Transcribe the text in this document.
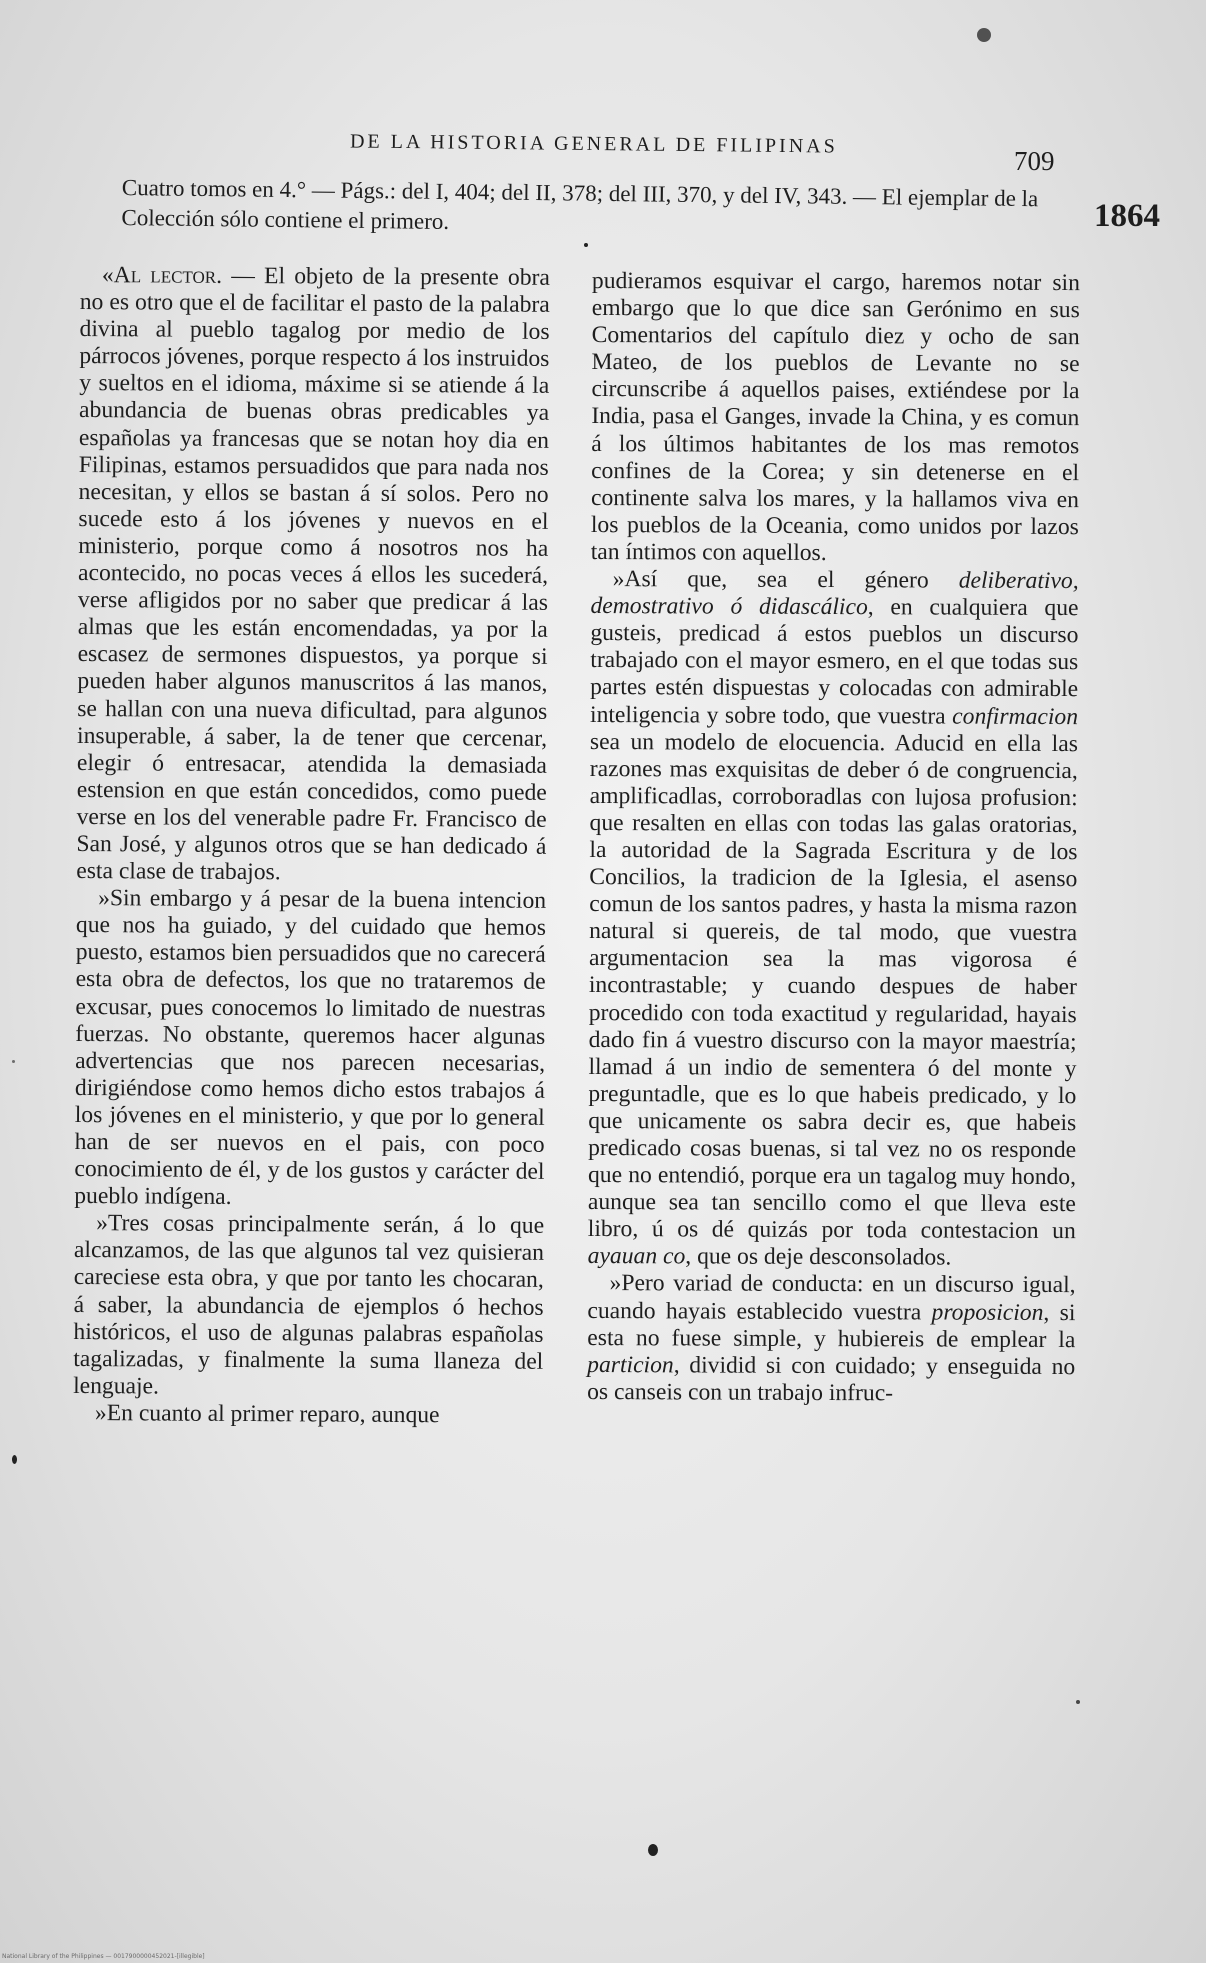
DE LA HISTORIA GENERAL DE FILIPINAS
709
1864
Cuatro tomos en 4.° — Págs.: del I, 404; del II, 378; del III, 370, y del IV, 343. — El ejemplar de la Colección sólo contiene el primero.

«Al lector. — El objeto de la presente obra no es otro que el de facilitar el pasto de la palabra divina al pueblo tagalog por medio de los párrocos jóvenes, porque respecto á los instruidos y sueltos en el idioma, máxime si se atiende á la abundancia de buenas obras predicables ya españolas ya francesas que se notan hoy dia en Filipinas, estamos persuadidos que para nada nos necesitan, y ellos se bastan á sí solos. Pero no sucede esto á los jóvenes y nuevos en el ministerio, porque como á nosotros nos ha acontecido, no pocas veces á ellos les sucederá, verse afligidos por no saber que predicar á las almas que les están encomendadas, ya por la escasez de sermones dispuestos, ya porque si pueden haber algunos manuscritos á las manos, se hallan con una nueva dificultad, para algunos insuperable, á saber, la de tener que cercenar, elegir ó entresacar, atendida la demasiada estension en que están concedidos, como puede verse en los del venerable padre Fr. Francisco de San José, y algunos otros que se han dedicado á esta clase de trabajos.

»Sin embargo y á pesar de la buena intencion que nos ha guiado, y del cuidado que hemos puesto, estamos bien persuadidos que no carecerá esta obra de defectos, los que no trataremos de excusar, pues conocemos lo limitado de nuestras fuerzas. No obstante, queremos hacer algunas advertencias que nos parecen necesarias, dirigiéndose como hemos dicho estos trabajos á los jóvenes en el ministerio, y que por lo general han de ser nuevos en el pais, con poco conocimiento de él, y de los gustos y carácter del pueblo indígena.

»Tres cosas principalmente serán, á lo que alcanzamos, de las que algunos tal vez quisieran careciese esta obra, y que por tanto les chocaran, á saber, la abundancia de ejemplos ó hechos históricos, el uso de algunas palabras españolas tagalizadas, y finalmente la suma llaneza del lenguaje.

»En cuanto al primer reparo, aunque

pudieramos esquivar el cargo, haremos notar sin embargo que lo que dice san Gerónimo en sus Comentarios del capítulo diez y ocho de san Mateo, de los pueblos de Levante no se circunscribe á aquellos paises, extiéndese por la India, pasa el Ganges, invade la China, y es comun á los últimos habitantes de los mas remotos confines de la Corea; y sin detenerse en el continente salva los mares, y la hallamos viva en los pueblos de la Oceania, como unidos por lazos tan íntimos con aquellos.

»Así que, sea el género deliberativo, demostrativo ó didascálico, en cualquiera que gusteis, predicad á estos pueblos un discurso trabajado con el mayor esmero, en el que todas sus partes estén dispuestas y colocadas con admirable inteligencia y sobre todo, que vuestra confirmacion sea un modelo de elocuencia. Aducid en ella las razones mas exquisitas de deber ó de congruencia, amplificadlas, corroboradlas con lujosa profusion: que resalten en ellas con todas las galas oratorias, la autoridad de la Sagrada Escritura y de los Concilios, la tradicion de la Iglesia, el asenso comun de los santos padres, y hasta la misma razon natural si quereis, de tal modo, que vuestra argumentacion sea la mas vigorosa é incontrastable; y cuando despues de haber procedido con toda exactitud y regularidad, hayais dado fin á vuestro discurso con la mayor maestría; llamad á un indio de sementera ó del monte y preguntadle, que es lo que habeis predicado, y lo que unicamente os sabra decir es, que habeis predicado cosas buenas, si tal vez no os responde que no entendió, porque era un tagalog muy hondo, aunque sea tan sencillo como el que lleva este libro, ú os dé quizás por toda contestacion un ayauan co, que os deje desconsolados.

»Pero variad de conducta: en un discurso igual, cuando hayais establecido vuestra proposicion, si esta no fuese simple, y hubiereis de emplear la particion, dividid si con cuidado; y enseguida no os canseis con un trabajo infruc-

National Library of the Philippines — 0017900000452021-[illegible]
